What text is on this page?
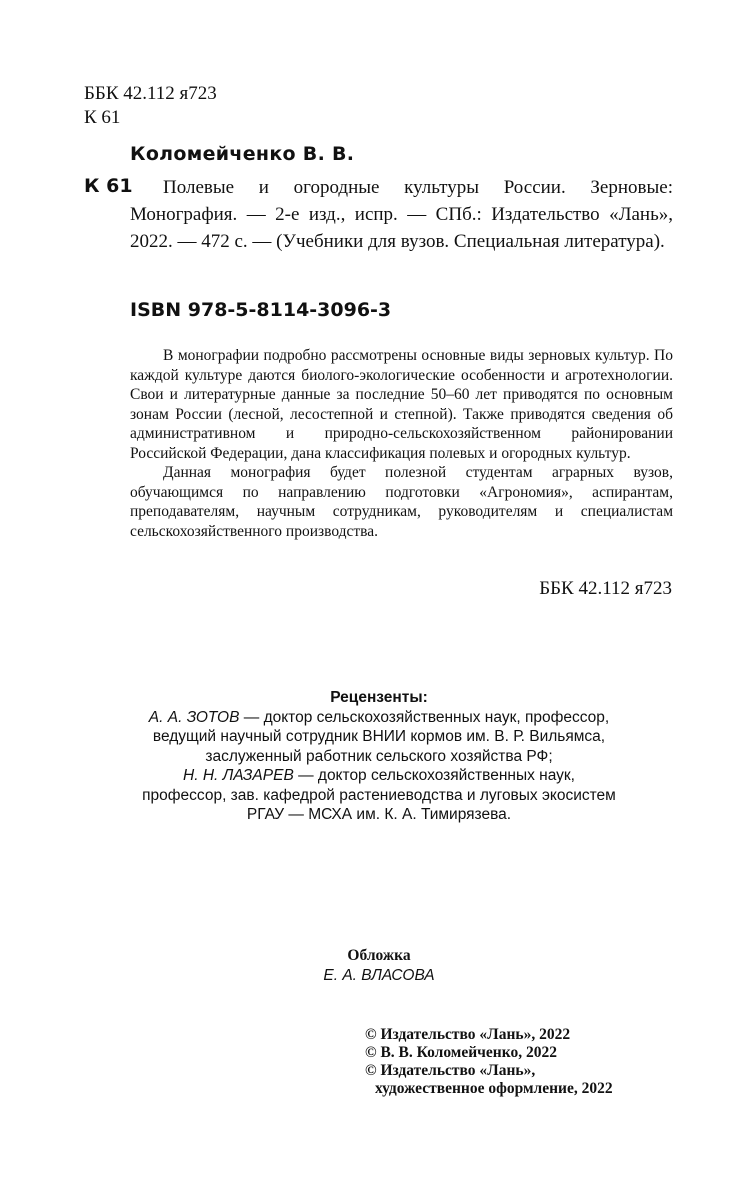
ББК 42.112 я723
К 61
Коломейченко В. В.
К 61	Полевые и огородные культуры России. Зерновые: Монография. — 2-е изд., испр. — СПб.: Издательство «Лань», 2022. — 472 с. — (Учебники для вузов. Специальная литература).
ISBN 978-5-8114-3096-3

В монографии подробно рассмотрены основные виды зерновых культур. По каждой культуре даются биолого-экологические особенности и агротехнологии. Свои и литературные данные за последние 50–60 лет приводятся по основным зонам России (лесной, лесостепной и степной). Также приводятся сведения об административном и природно-сельскохозяйственном районировании Российской Федерации, дана классификация полевых и огородных культур.

Данная монография будет полезной студентам аграрных вузов, обучающимся по направлению подготовки «Агрономия», аспирантам, преподавателям, научным сотрудникам, руководителям и специалистам сельскохозяйственного производства.

ББК 42.112 я723
Рецензенты:
А. А. ЗОТОВ — доктор сельскохозяйственных наук, профессор,
ведущий научный сотрудник ВНИИ кормов им. В. Р. Вильямса,
заслуженный работник сельского хозяйства РФ;
Н. Н. ЛАЗАРЕВ — доктор сельскохозяйственных наук,
профессор, зав. кафедрой растениеводства и луговых экосистем
РГАУ — МСХА им. К. А. Тимирязева.
Обложка
Е. А. ВЛАСОВА
© Издательство «Лань», 2022
© В. В. Коломейченко, 2022
© Издательство «Лань»,
художественное оформление, 2022
